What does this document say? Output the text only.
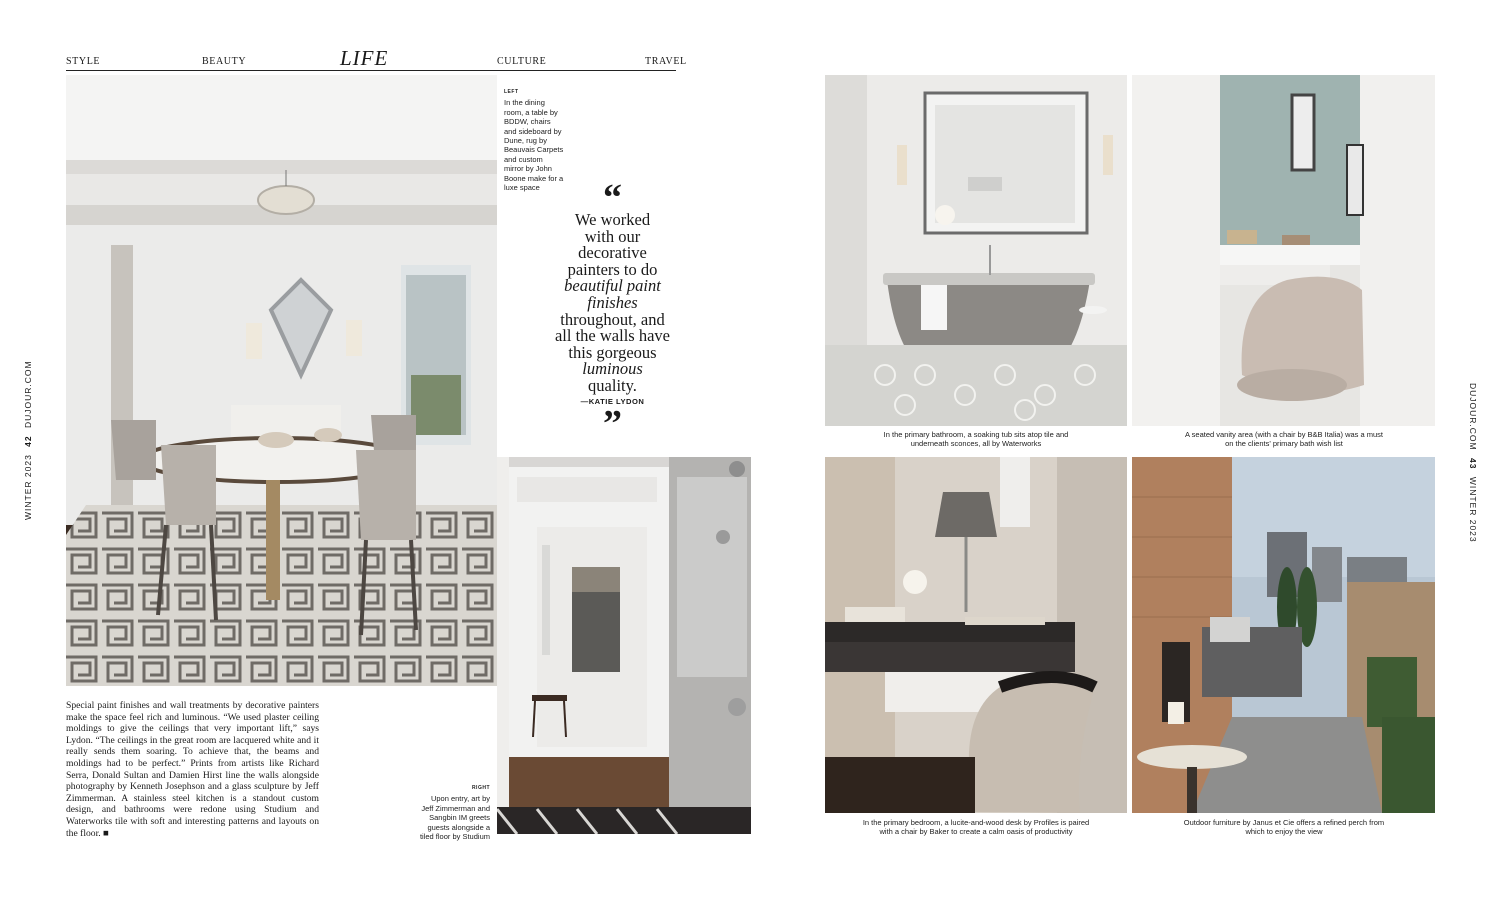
STYLE	BEAUTY	LIFE	CULTURE	TRAVEL
LEFT
In the dining room, a table by BDDW, chairs and sideboard by Dune, rug by Beauvais Carpets and custom mirror by John Boone make for a luxe space	“
We worked
with our
decorative
painters to do
beautiful paint
finishes
throughout, and
all the walls have
this gorgeous
luminous
quality.
—KATIE LYDON
”
RIGHT
Upon entry, art by Jeff Zimmerman and Sangbin IM greets guests alongside a tiled floor by Studium
Special paint finishes and wall treatments by decorative painters make the space feel rich and luminous. “We used plaster ceiling moldings to give the ceilings that very important lift,” says Lydon. “The ceilings in the great room are lacquered white and it really sends them soaring. To achieve that, the beams and moldings had to be perfect.” Prints from artists like Richard Serra, Donald Sultan and Damien Hirst line the walls alongside photography by Kenneth Josephson and a glass sculpture by Jeff Zimmerman. A stainless steel kitchen is a standout custom design, and bathrooms were redone using Studium and Waterworks tile with soft and interesting patterns and layouts on the floor. ■
In the primary bathroom, a soaking tub sits atop tile and underneath sconces, all by Waterworks
A seated vanity area (with a chair by B&B Italia) was a must on the clients' primary bath wish list
In the primary bedroom, a lucite-and-wood desk by Profiles is paired with a chair by Baker to create a calm oasis of productivity
Outdoor furniture by Janus et Cie offers a refined perch from which to enjoy the view
WINTER 2023 42 DUJOUR.COM	DUJOUR.COM 43 WINTER 2023
